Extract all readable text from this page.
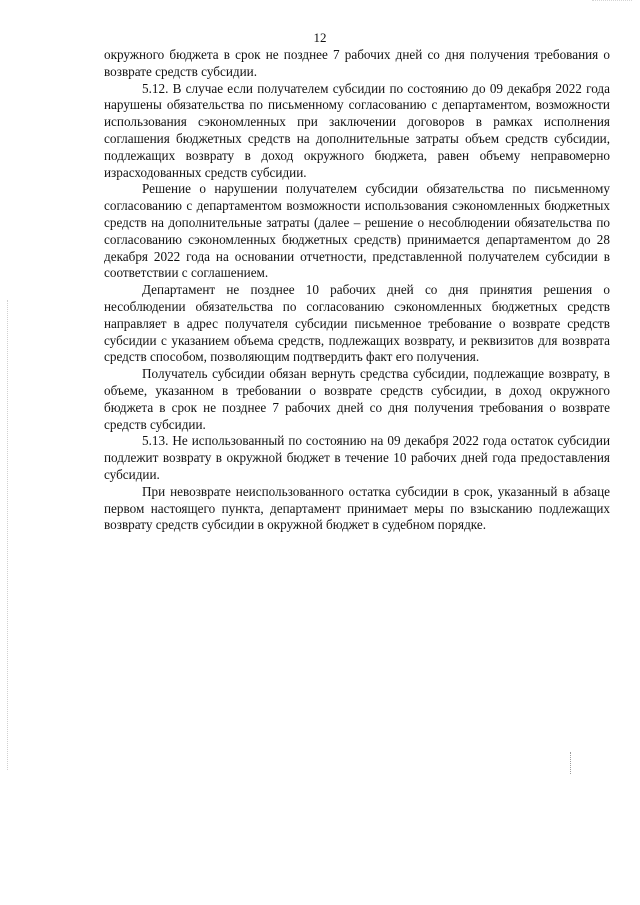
12

окружного бюджета в срок не позднее 7 рабочих дней со дня получения требования о возврате средств субсидии.

5.12. В случае если получателем субсидии по состоянию до 09 декабря 2022 года нарушены обязательства по письменному согласованию с департаментом, возможности использования сэкономленных при заключении договоров в рамках исполнения соглашения бюджетных средств на дополнительные затраты объем средств субсидии, подлежащих возврату в доход окружного бюджета, равен объему неправомерно израсходованных средств субсидии.

Решение о нарушении получателем субсидии обязательства по письменному согласованию с департаментом возможности использования сэкономленных бюджетных средств на дополнительные затраты (далее – решение о несоблюдении обязательства по согласованию сэкономленных бюджетных средств) принимается департаментом до 28 декабря 2022 года на основании отчетности, представленной получателем субсидии в соответствии с соглашением.

Департамент не позднее 10 рабочих дней со дня принятия решения о несоблюдении обязательства по согласованию сэкономленных бюджетных средств направляет в адрес получателя субсидии письменное требование о возврате средств субсидии с указанием объема средств, подлежащих возврату, и реквизитов для возврата средств способом, позволяющим подтвердить факт его получения.

Получатель субсидии обязан вернуть средства субсидии, подлежащие возврату, в объеме, указанном в требовании о возврате средств субсидии, в доход окружного бюджета в срок не позднее 7 рабочих дней со дня получения требования о возврате средств субсидии.

5.13. Не использованный по состоянию на 09 декабря 2022 года остаток субсидии подлежит возврату в окружной бюджет в течение 10 рабочих дней года предоставления субсидии.

При невозврате неиспользованного остатка субсидии в срок, указанный в абзаце первом настоящего пункта, департамент принимает меры по взысканию подлежащих возврату средств субсидии в окружной бюджет в судебном порядке.
